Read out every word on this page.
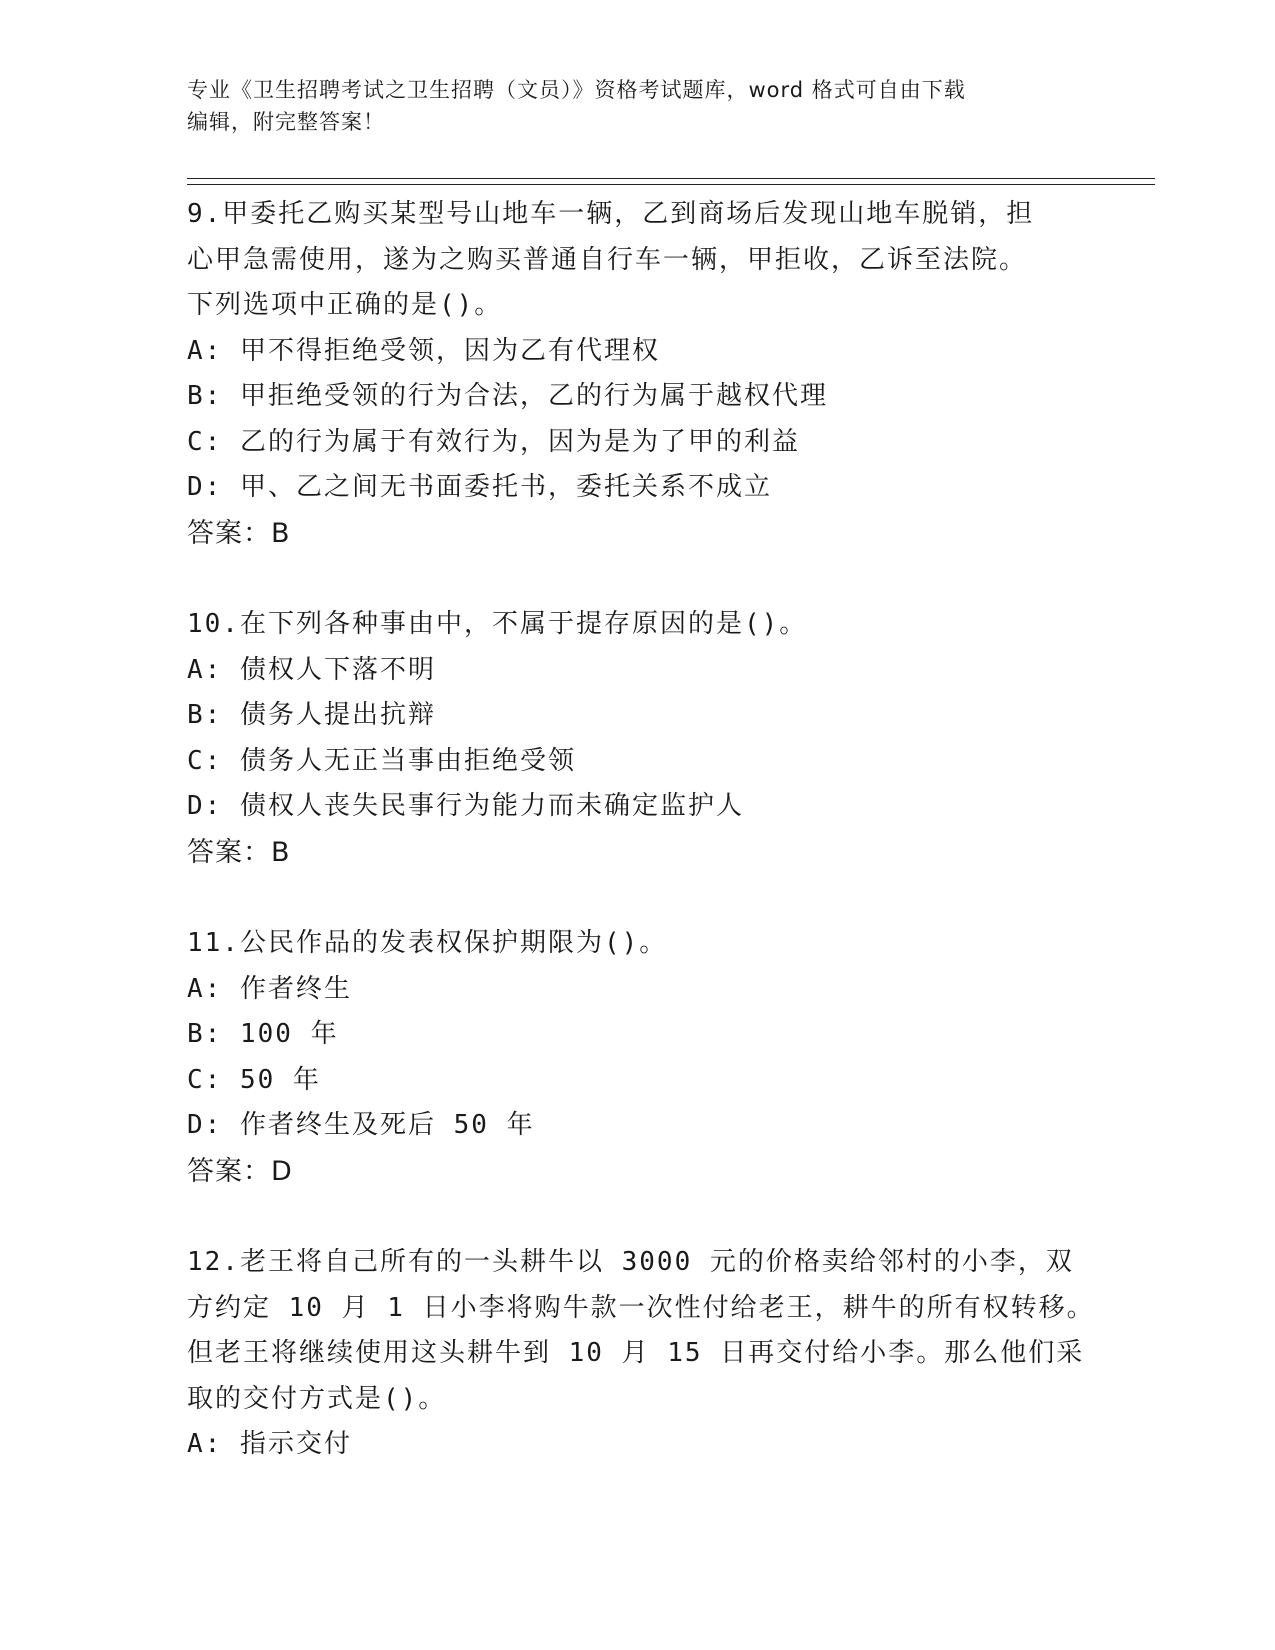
专业《卫生招聘考试之卫生招聘（文员）》资格考试题库，word 格式可自由下载
编辑，附完整答案！
9.甲委托乙购买某型号山地车一辆，乙到商场后发现山地车脱销，担
心甲急需使用，遂为之购买普通自行车一辆，甲拒收，乙诉至法院。
下列选项中正确的是()。
A: 甲不得拒绝受领，因为乙有代理权
B: 甲拒绝受领的行为合法，乙的行为属于越权代理
C: 乙的行为属于有效行为，因为是为了甲的利益
D: 甲、乙之间无书面委托书，委托关系不成立
答案：B
10.在下列各种事由中，不属于提存原因的是()。
A: 债权人下落不明
B: 债务人提出抗辩
C: 债务人无正当事由拒绝受领
D: 债权人丧失民事行为能力而未确定监护人
答案：B
11.公民作品的发表权保护期限为()。
A: 作者终生
B: 100 年
C: 50 年
D: 作者终生及死后 50 年
答案：D
12.老王将自己所有的一头耕牛以 3000 元的价格卖给邻村的小李，双
方约定 10 月 1 日小李将购牛款一次性付给老王，耕牛的所有权转移。
但老王将继续使用这头耕牛到 10 月 15 日再交付给小李。那么他们采
取的交付方式是()。
A: 指示交付
